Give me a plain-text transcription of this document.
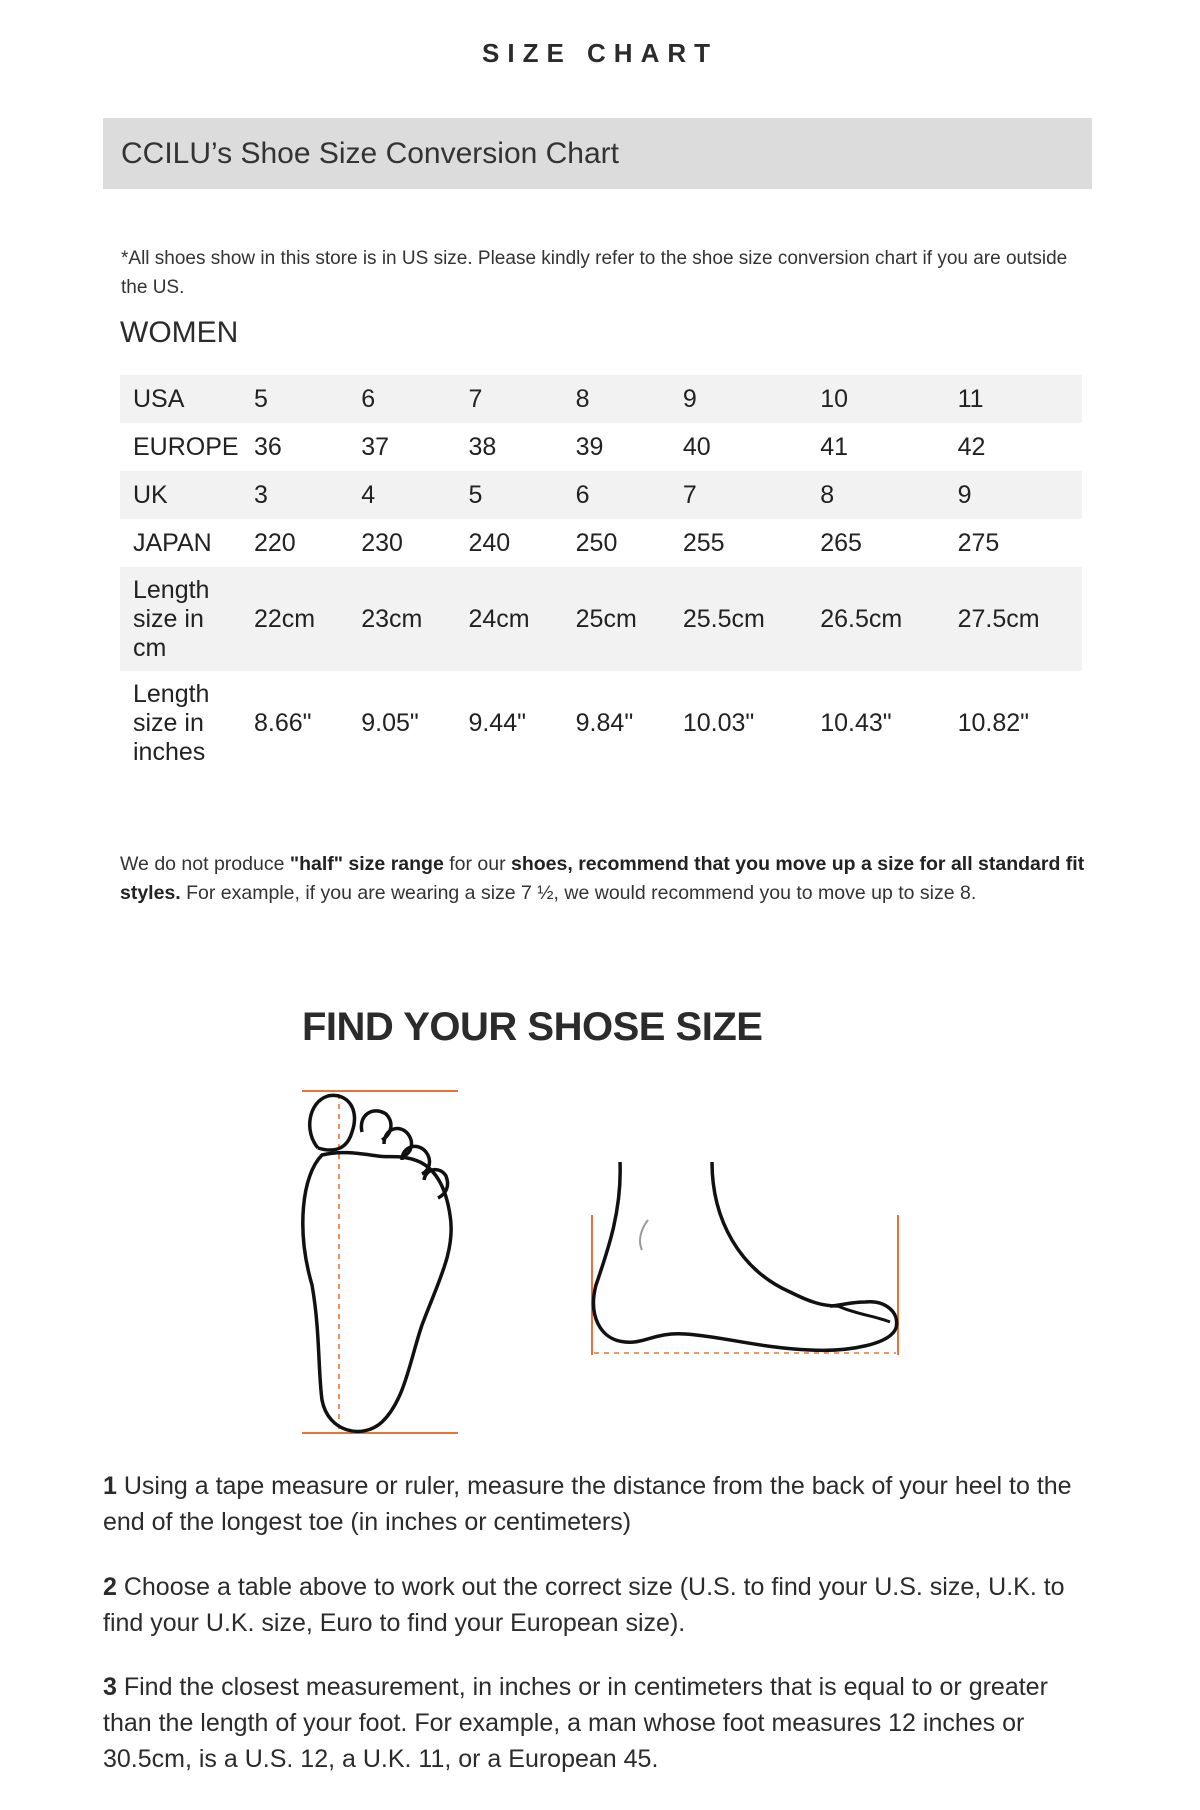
SIZE CHART
CCILU’s Shoe Size Conversion Chart
*All shoes show in this store is in US size. Please kindly refer to the shoe size conversion chart if you are outside the US.
WOMEN
USA	5	6	7	8	9	10	11
EUROPE	36	37	38	39	40	41	42
UK	3	4	5	6	7	8	9
JAPAN	220	230	240	250	255	265	275
Length size in cm	22cm	23cm	24cm	25cm	25.5cm	26.5cm	27.5cm
Length size in inches	8.66"	9.05"	9.44"	9.84"	10.03"	10.43"	10.82"
We do not produce "half" size range for our shoes, recommend that you move up a size for all standard fit styles. For example, if you are wearing a size 7 ½, we would recommend you to move up to size 8.
FIND YOUR SHOSE SIZE
1 Using a tape measure or ruler, measure the distance from the back of your heel to the end of the longest toe (in inches or centimeters)
2 Choose a table above to work out the correct size (U.S. to find your U.S. size, U.K. to find your U.K. size, Euro to find your European size).
3 Find the closest measurement, in inches or in centimeters that is equal to or greater than the length of your foot. For example, a man whose foot measures 12 inches or 30.5cm, is a U.S. 12, a U.K. 11, or a European 45.
